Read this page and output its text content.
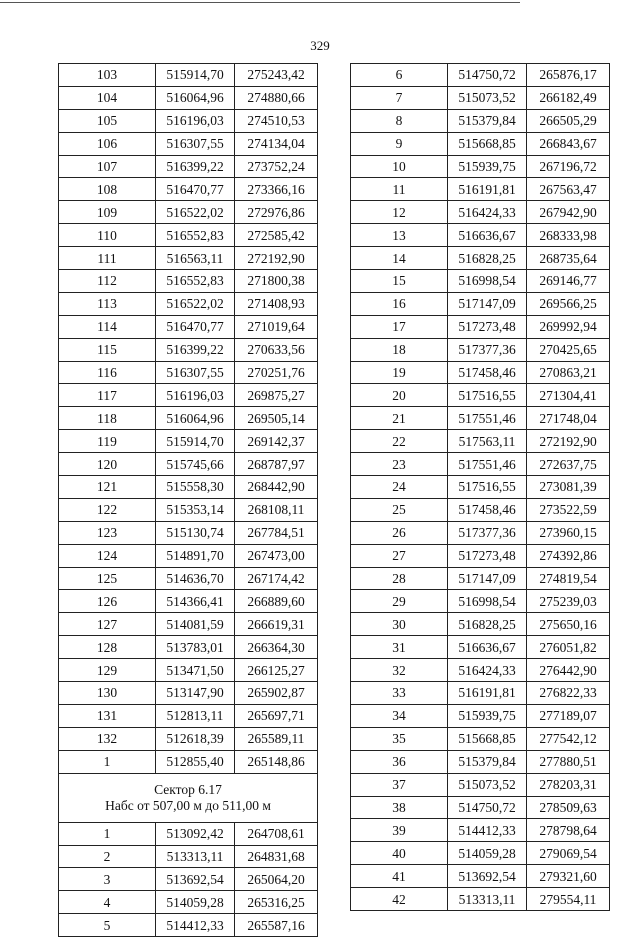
329
103	515914,70	275243,42
104	516064,96	274880,66
105	516196,03	274510,53
106	516307,55	274134,04
107	516399,22	273752,24
108	516470,77	273366,16
109	516522,02	272976,86
110	516552,83	272585,42
111	516563,11	272192,90
112	516552,83	271800,38
113	516522,02	271408,93
114	516470,77	271019,64
115	516399,22	270633,56
116	516307,55	270251,76
117	516196,03	269875,27
118	516064,96	269505,14
119	515914,70	269142,37
120	515745,66	268787,97
121	515558,30	268442,90
122	515353,14	268108,11
123	515130,74	267784,51
124	514891,70	267473,00
125	514636,70	267174,42
126	514366,41	266889,60
127	514081,59	266619,31
128	513783,01	266364,30
129	513471,50	266125,27
130	513147,90	265902,87
131	512813,11	265697,71
132	512618,39	265589,11
1	512855,40	265148,86

Сектор 6.17
Набс от 507,00 м до 511,00 м		

1	513092,42	264708,61
2	513313,11	264831,68
3	513692,54	265064,20
4	514059,28	265316,25
5	514412,33	265587,16
6	514750,72	265876,17
7	515073,52	266182,49
8	515379,84	266505,29
9	515668,85	266843,67
10	515939,75	267196,72
11	516191,81	267563,47
12	516424,33	267942,90
13	516636,67	268333,98
14	516828,25	268735,64
15	516998,54	269146,77
16	517147,09	269566,25
17	517273,48	269992,94
18	517377,36	270425,65
19	517458,46	270863,21
20	517516,55	271304,41
21	517551,46	271748,04
22	517563,11	272192,90
23	517551,46	272637,75
24	517516,55	273081,39
25	517458,46	273522,59
26	517377,36	273960,15
27	517273,48	274392,86
28	517147,09	274819,54
29	516998,54	275239,03
30	516828,25	275650,16
31	516636,67	276051,82
32	516424,33	276442,90
33	516191,81	276822,33
34	515939,75	277189,07
35	515668,85	277542,12
36	515379,84	277880,51
37	515073,52	278203,31
38	514750,72	278509,63
39	514412,33	278798,64
40	514059,28	279069,54
41	513692,54	279321,60
42	513313,11	279554,11
